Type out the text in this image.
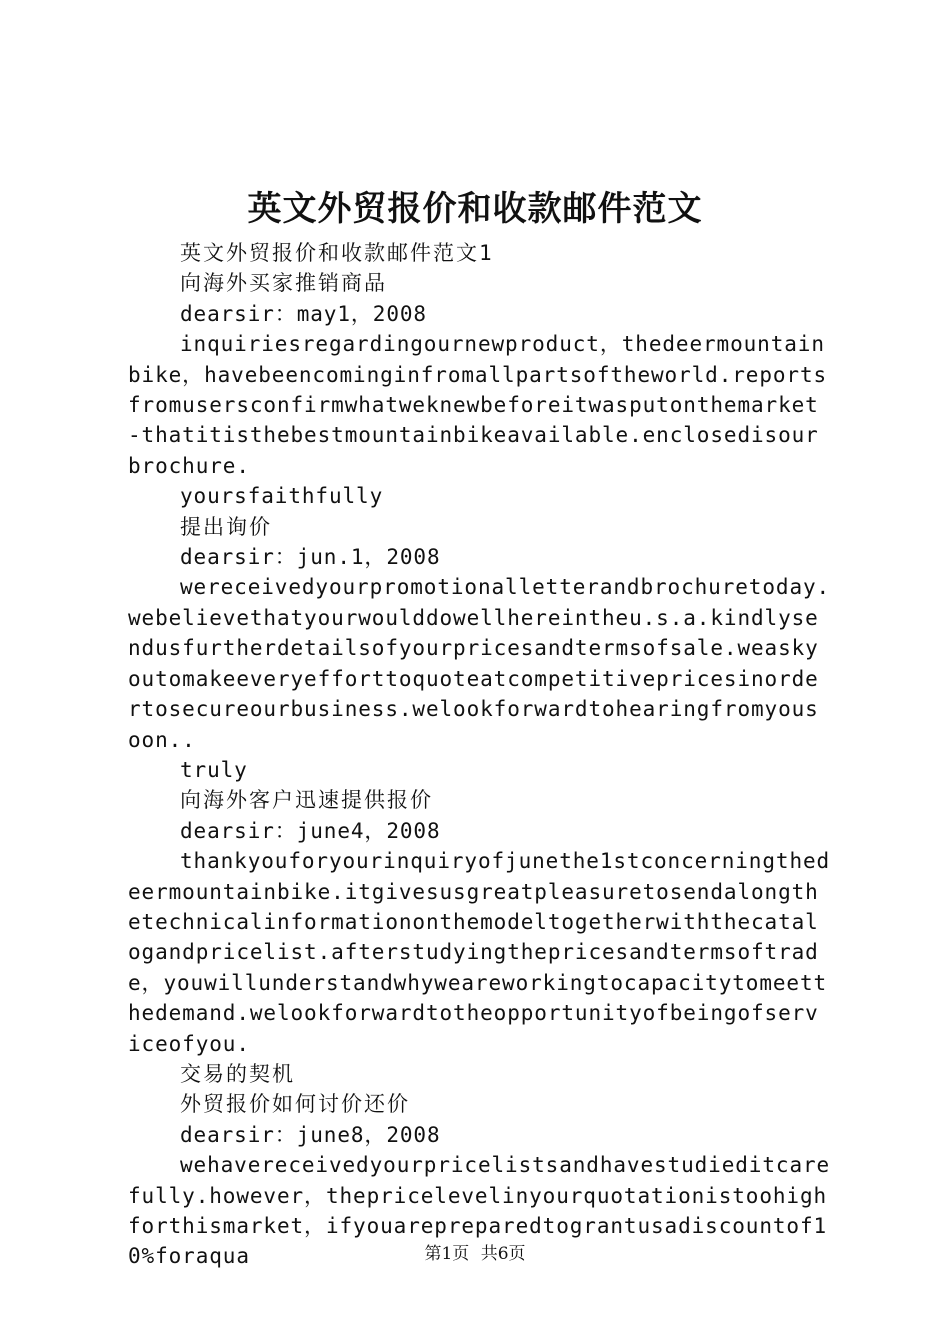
英文外贸报价和收款邮件范文

英文外贸报价和收款邮件范文1

向海外买家推销商品

dearsir：may1，2008

inquiriesregardingournewproduct，thedeermountainbike，havebeencominginfromallpartsoftheworld.reportsfromusersconfirmwhatweknewbeforeitwasputonthemarket-thatitisthebestmountainbikeavailable.enclosedisourbrochure.

yoursfaithfully

提出询价

dearsir：jun.1，2008

wereceivedyourpromotionalletterandbrochuretoday.webelievethatyourwoulddowellhereintheu.s.a.kindlysendusfurtherdetailsofyourpricesandtermsofsale.weaskyoutomakeeveryefforttoquoteatcompetitivepricesinordertosecureourbusiness.welookforwardtohearingfromyousoon..

truly

向海外客户迅速提供报价

dearsir：june4，2008

thankyouforyourinquiryofjunethe1stconcerningthedeermountainbike.itgivesusgreatpleasuretosendalongthetechnicalinformationonthemodeltogetherwiththecatalogandpricelist.afterstudyingthepricesandtermsoftrade，youwillunderstandwhyweareworkingtocapacitytomeetthedemand.welookforwardtotheopportunityofbeingofserviceofyou.

交易的契机

外贸报价如何讨价还价

dearsir：june8，2008

wehavereceivedyourpricelistsandhavestudieditcarefully.however，thepricelevelinyourquotationistoohighforthismarket，ifyouarepreparedtograntusadiscountof10%foraqua	第1页 共6页
